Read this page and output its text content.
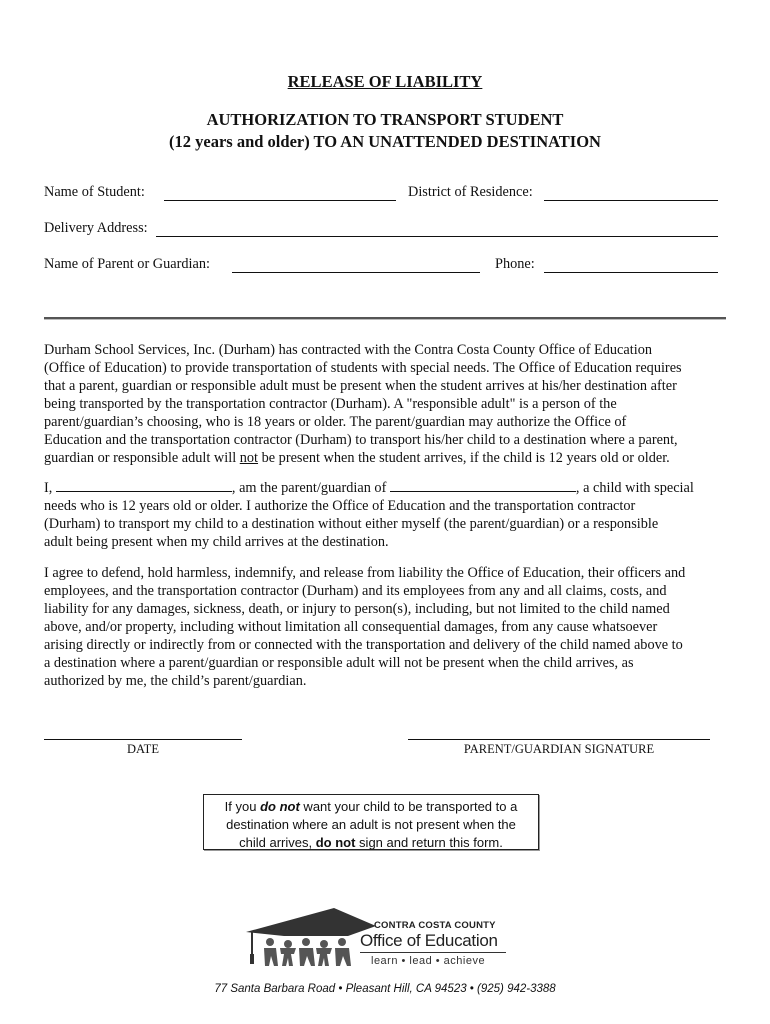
RELEASE OF LIABILITY
AUTHORIZATION TO TRANSPORT STUDENT
(12 years and older) TO AN UNATTENDED DESTINATION
Name of Student:	District of Residence:
Delivery Address:
Name of Parent or Guardian:	Phone:
Durham School Services, Inc. (Durham) has contracted with the Contra Costa County Office of Education
(Office of Education) to provide transportation of students with special needs. The Office of Education requires
that a parent, guardian or responsible adult must be present when the student arrives at his/her destination after
being transported by the transportation contractor (Durham). A "responsible adult" is a person of the
parent/guardian’s choosing, who is 18 years or older. The parent/guardian may authorize the Office of
Education and the transportation contractor (Durham) to transport his/her child to a destination where a parent,
guardian or responsible adult will not be present when the student arrives, if the child is 12 years old or older.
I,	, am the parent/guardian of	, a child with special
needs who is 12 years old or older. I authorize the Office of Education and the transportation contractor
(Durham) to transport my child to a destination without either myself (the parent/guardian) or a responsible
adult being present when my child arrives at the destination.
I agree to defend, hold harmless, indemnify, and release from liability the Office of Education, their officers and
employees, and the transportation contractor (Durham) and its employees from any and all claims, costs, and
liability for any damages, sickness, death, or injury to person(s), including, but not limited to the child named
above, and/or property, including without limitation all consequential damages, from any cause whatsoever
arising directly or indirectly from or connected with the transportation and delivery of the child named above to
a destination where a parent/guardian or responsible adult will not be present when the child arrives, as
authorized by me, the child’s parent/guardian.
DATE	PARENT/GUARDIAN SIGNATURE
If you do not want your child to be transported to a
destination where an adult is not present when the
child arrives, do not sign and return this form.
CONTRA COSTA COUNTY
Office of Education
learn • lead • achieve
77 Santa Barbara Road • Pleasant Hill, CA 94523 • (925) 942-3388
